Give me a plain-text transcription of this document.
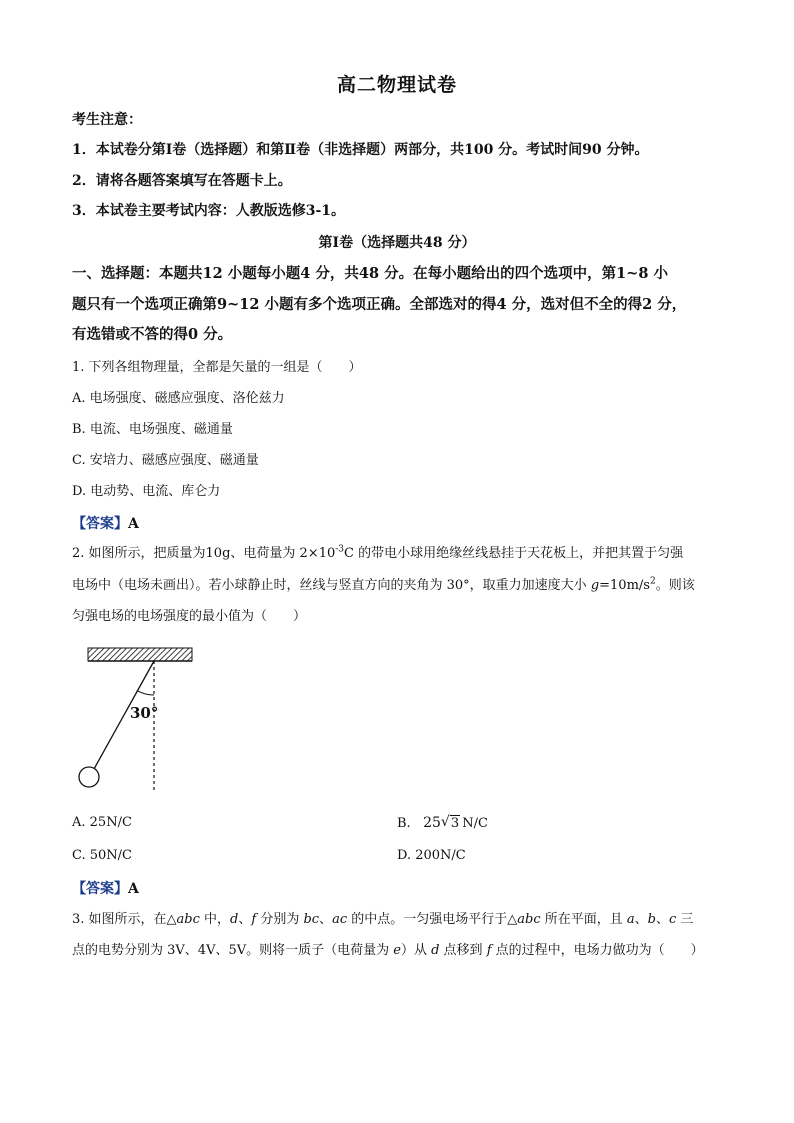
高二物理试卷
考生注意：
1．本试卷分第Ⅰ卷（选择题）和第Ⅱ卷（非选择题）两部分，共100 分。考试时间90 分钟。
2．请将各题答案填写在答题卡上。
3．本试卷主要考试内容：人教版选修3-1。
第Ⅰ卷（选择题共48 分）
一、选择题：本题共12 小题每小题4 分，共48 分。在每小题给出的四个选项中，第1~8 小
题只有一个选项正确第9~12 小题有多个选项正确。全部选对的得4 分，选对但不全的得2 分，
有选错或不答的得0 分。
1. 下列各组物理量，全都是矢量的一组是（　　）
A. 电场强度、磁感应强度、洛伦兹力
B. 电流、电场强度、磁通量
C. 安培力、磁感应强度、磁通量
D. 电动势、电流、库仑力
【答案】A
2. 如图所示，把质量为10g、电荷量为 $2\times 10^{-3}C$ 的带电小球用绝缘丝线悬挂于天花板上，并把其置于匀强
电场中（电场未画出）。若小球静止时，丝线与竖直方向的夹角为 30°，取重力加速度大小 $g=10m/s^2$。则该
匀强电场的电场强度的最小值为（　　）
30°
A. 25N/C	B. 25 √ 3 N/C
C. 50N/C	D. 200N/C
【答案】A
3. 如图所示，在△abc 中，d、f 分别为 bc、ac 的中点。一匀强电场平行于△abc 所在平面，且 a、b、c 三
点的电势分别为 3V、4V、5V。则将一质子（电荷量为 e）从 d 点移到 f 点的过程中，电场力做功为（　　）
